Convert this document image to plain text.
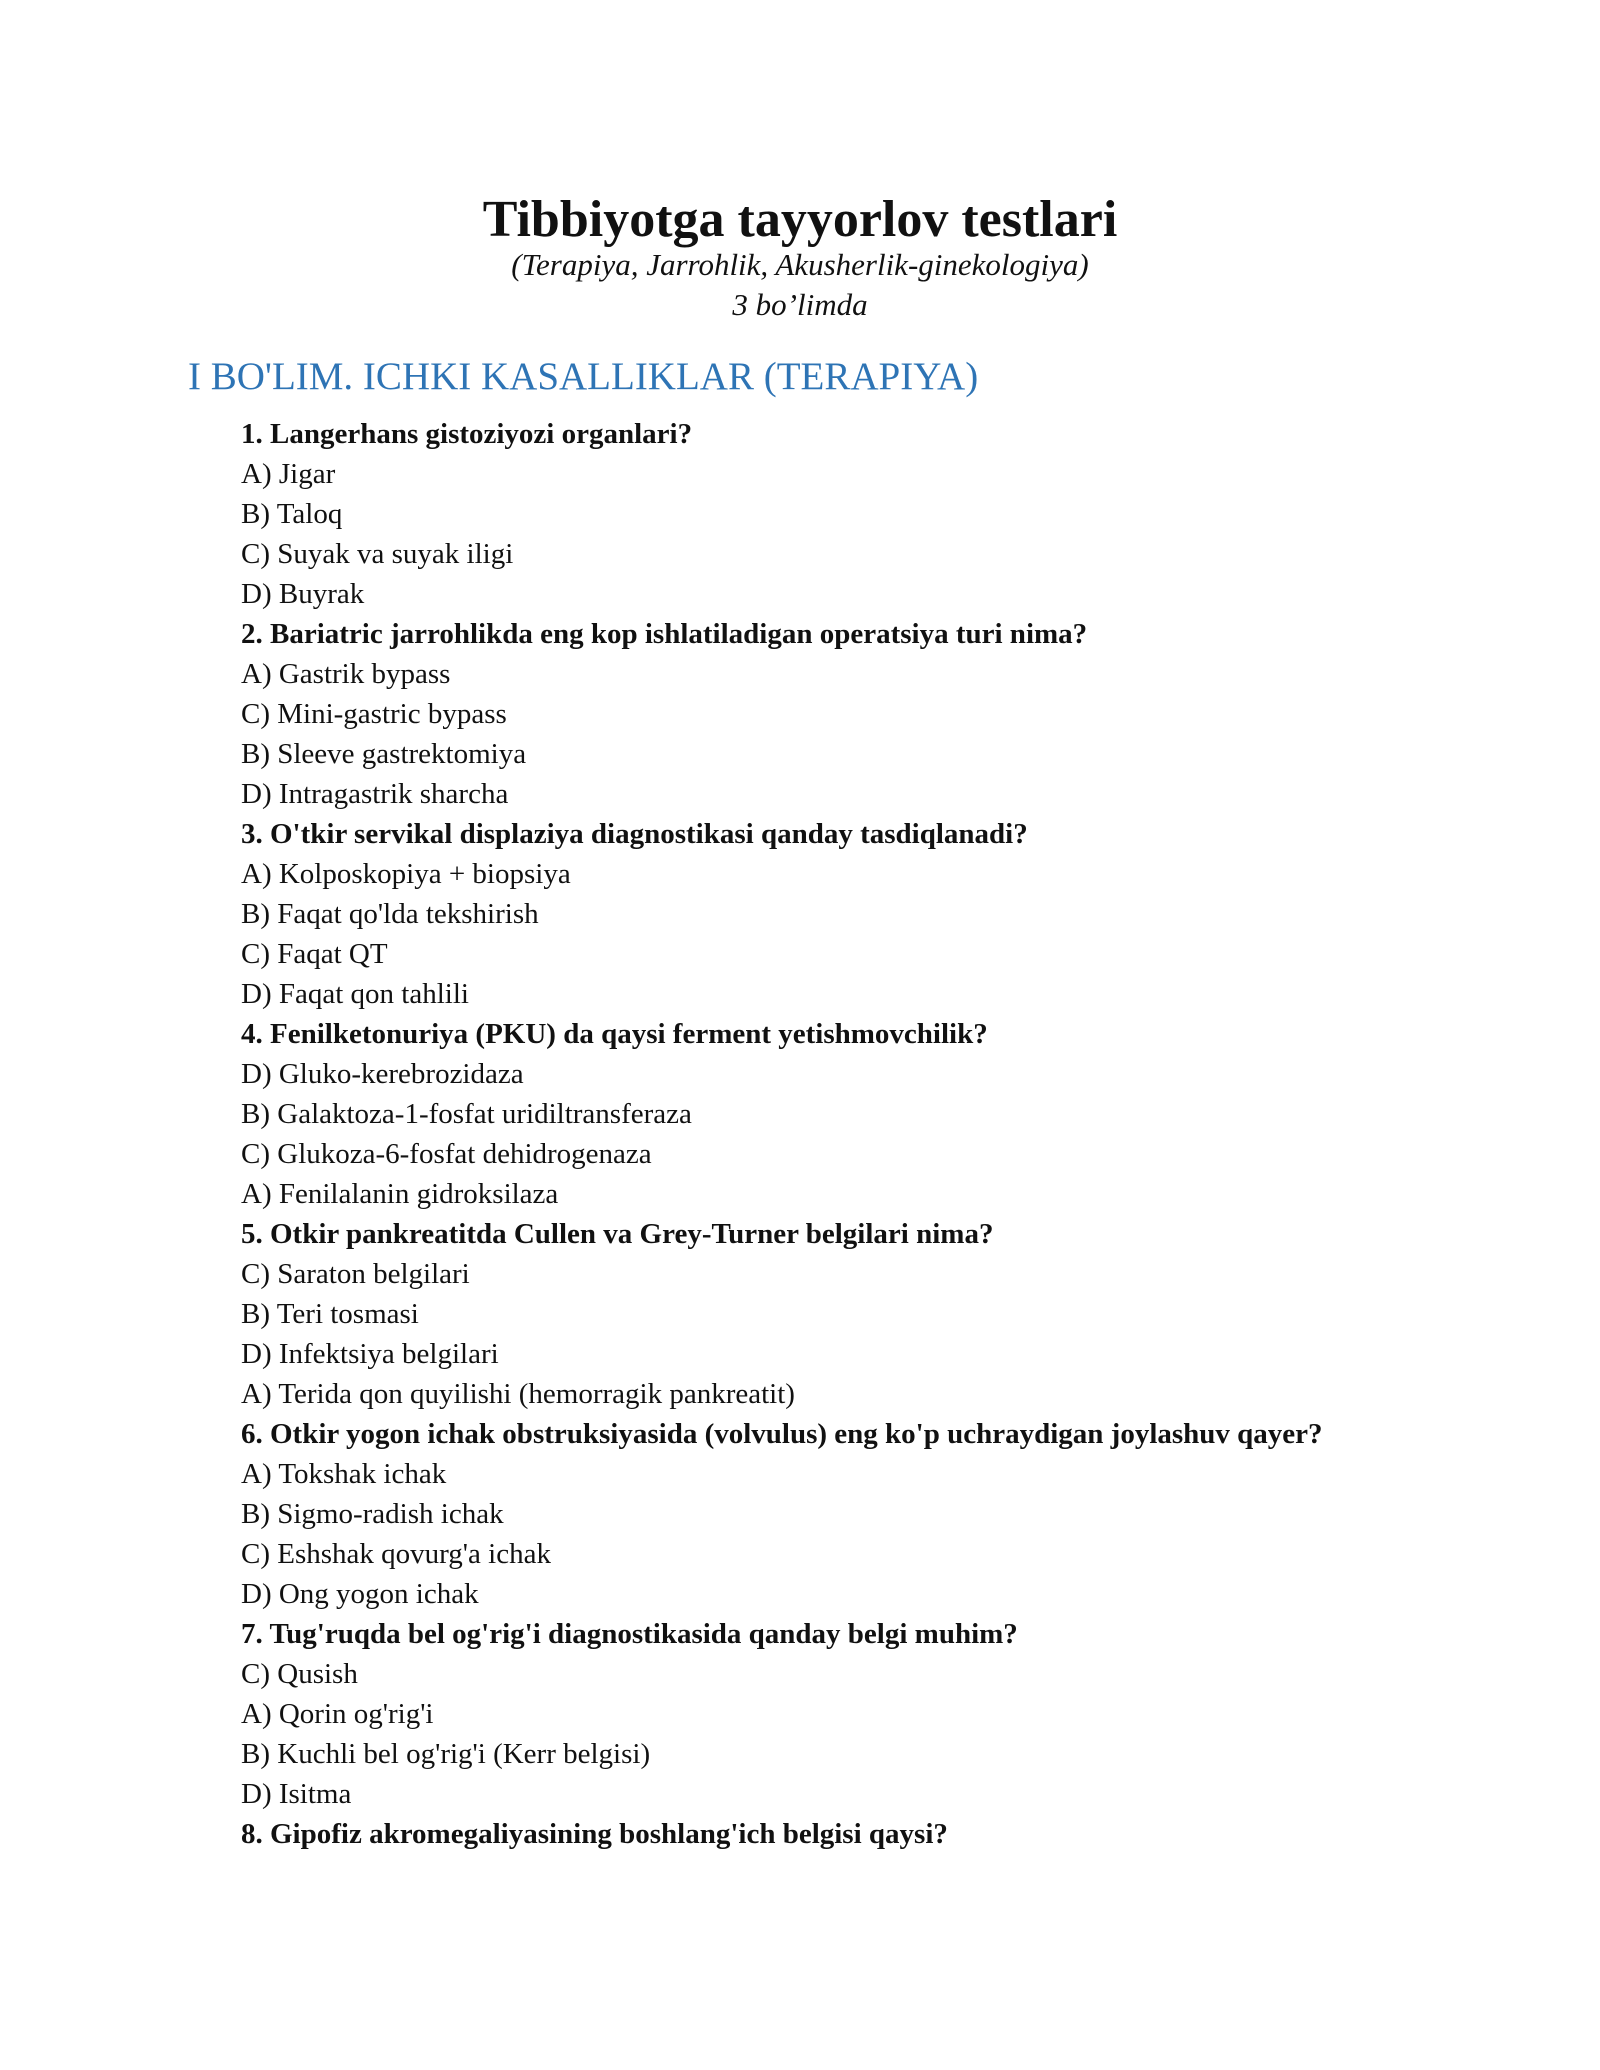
Tibbiyotga tayyorlov testlari
(Terapiya, Jarrohlik, Akusherlik-ginekologiya)
3 bo’limda
I BO'LIM. ICHKI KASALLIKLAR (TERAPIYA)
1. Langerhans gistoziyozi organlari?
A) Jigar
B) Taloq
C) Suyak va suyak iligi
D) Buyrak
2. Bariatric jarrohlikda eng kop ishlatiladigan operatsiya turi nima?
A) Gastrik bypass
C) Mini-gastric bypass
B) Sleeve gastrektomiya
D) Intragastrik sharcha
3. O'tkir servikal displaziya diagnostikasi qanday tasdiqlanadi?
A) Kolposkopiya + biopsiya
B) Faqat qo'lda tekshirish
C) Faqat QT
D) Faqat qon tahlili
4. Fenilketonuriya (PKU) da qaysi ferment yetishmovchilik?
D) Gluko-kerebrozidaza
B) Galaktoza-1-fosfat uridiltransferaza
C) Glukoza-6-fosfat dehidrogenaza
A) Fenilalanin gidroksilaza
5. Otkir pankreatitda Cullen va Grey-Turner belgilari nima?
C) Saraton belgilari
B) Teri tosmasi
D) Infektsiya belgilari
A) Terida qon quyilishi (hemorragik pankreatit)
6. Otkir yogon ichak obstruksiyasida (volvulus) eng ko'p uchraydigan joylashuv qayer?
A) Tokshak ichak
B) Sigmo-radish ichak
C) Eshshak qovurg'a ichak
D) Ong yogon ichak
7. Tug'ruqda bel og'rig'i diagnostikasida qanday belgi muhim?
C) Qusish
A) Qorin og'rig'i
B) Kuchli bel og'rig'i (Kerr belgisi)
D) Isitma
8. Gipofiz akromegaliyasining boshlang'ich belgisi qaysi?
